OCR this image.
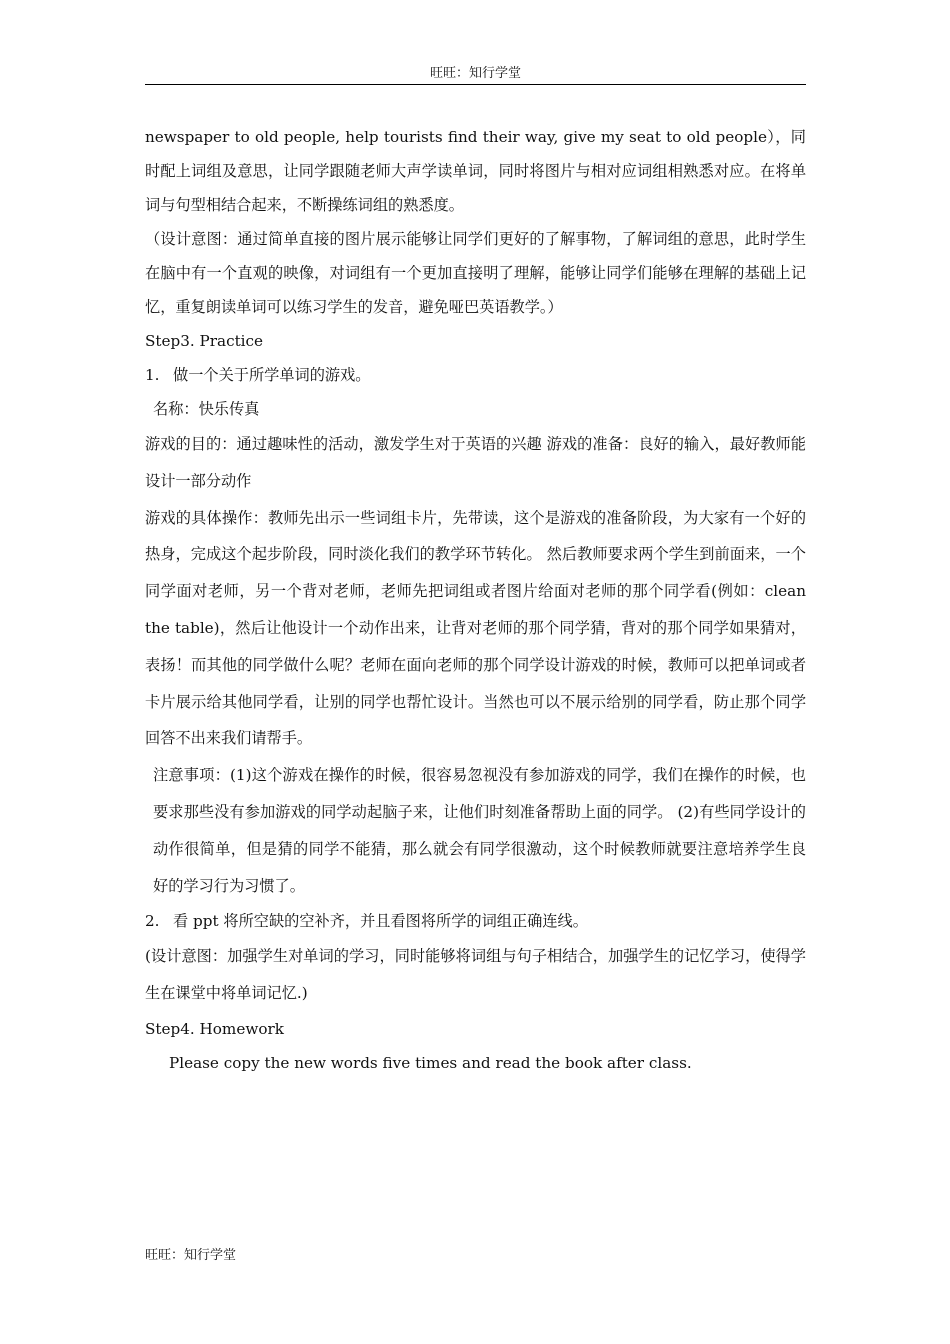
旺旺：知行学堂

newspaper to old people, help tourists find their way, give my seat to old people），同时配上词组及意思，让同学跟随老师大声学读单词，同时将图片与相对应词组相熟悉对应。在将单词与句型相结合起来，不断操练词组的熟悉度。

（设计意图：通过简单直接的图片展示能够让同学们更好的了解事物，了解词组的意思，此时学生在脑中有一个直观的映像，对词组有一个更加直接明了理解，能够让同学们能够在理解的基础上记忆，重复朗读单词可以练习学生的发音，避免哑巴英语教学。）

Step3. Practice

1. 做一个关于所学单词的游戏。

名称：快乐传真

游戏的目的：通过趣味性的活动，激发学生对于英语的兴趣 游戏的准备：良好的输入，最好教师能设计一部分动作

游戏的具体操作：教师先出示一些词组卡片，先带读，这个是游戏的准备阶段，为大家有一个好的热身，完成这个起步阶段，同时淡化我们的教学环节转化。 然后教师要求两个学生到前面来，一个同学面对老师，另一个背对老师，老师先把词组或者图片给面对老师的那个同学看(例如：clean the table)，然后让他设计一个动作出来，让背对老师的那个同学猜，背对的那个同学如果猜对，表扬！而其他的同学做什么呢？老师在面向老师的那个同学设计游戏的时候，教师可以把单词或者卡片展示给其他同学看，让别的同学也帮忙设计。当然也可以不展示给别的同学看，防止那个同学回答不出来我们请帮手。

注意事项：(1)这个游戏在操作的时候，很容易忽视没有参加游戏的同学，我们在操作的时候，也要求那些没有参加游戏的同学动起脑子来，让他们时刻准备帮助上面的同学。 (2)有些同学设计的动作很简单，但是猜的同学不能猜，那么就会有同学很激动，这个时候教师就要注意培养学生良好的学习行为习惯了。

2. 看 ppt 将所空缺的空补齐，并且看图将所学的词组正确连线。

(设计意图：加强学生对单词的学习，同时能够将词组与句子相结合，加强学生的记忆学习，使得学生在课堂中将单词记忆.)

Step4. Homework

Please copy the new words five times and read the book after class.

旺旺：知行学堂
